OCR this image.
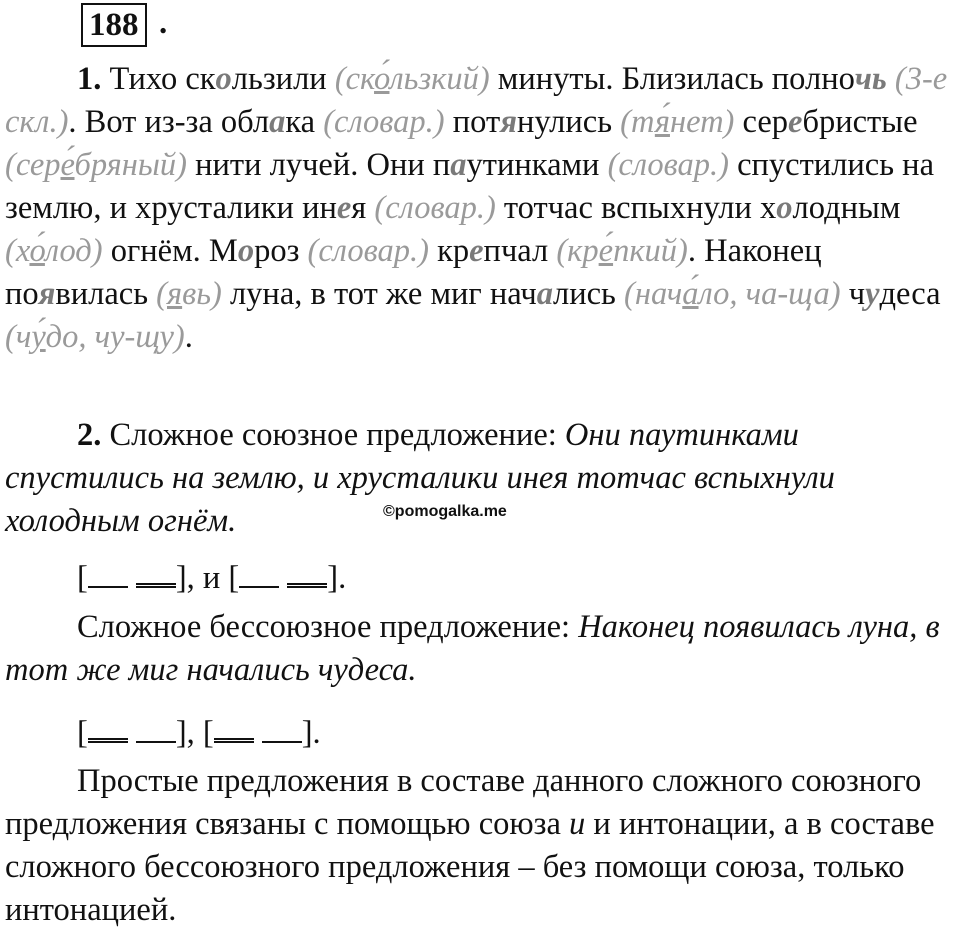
188 .

1. Тихо скользили (ско́льзкий) минуты. Близилась полночь (3-е скл.). Вот из-за облака (словар.) потянулись (тя́нет) серебристые (сере́бряный) нити лучей. Они паутинками (словар.) спустились на землю, и хрусталики инея (словар.) тотчас вспыхнули холодным (хо́лод) огнём. Мороз (словар.) крепчал (кре́пкий). Наконец появилась (явь) луна, в тот же миг начались (нача́ло, ча-ща) чудеса (чу́до, чу-щу).

2. Сложное союзное предложение: Они паутинками спустились на землю, и хрусталики инея тотчас вспыхнули холодным огнём.	©pomogalka.me
[	], и [	].

Сложное бессоюзное предложение: Наконец появилась луна, в тот же миг начались чудеса.

[	], [	].

Простые предложения в составе данного сложного союзного предложения связаны с помощью союза и и интонации, а в составе сложного бессоюзного предложения – без помощи союза, только интонацией.
